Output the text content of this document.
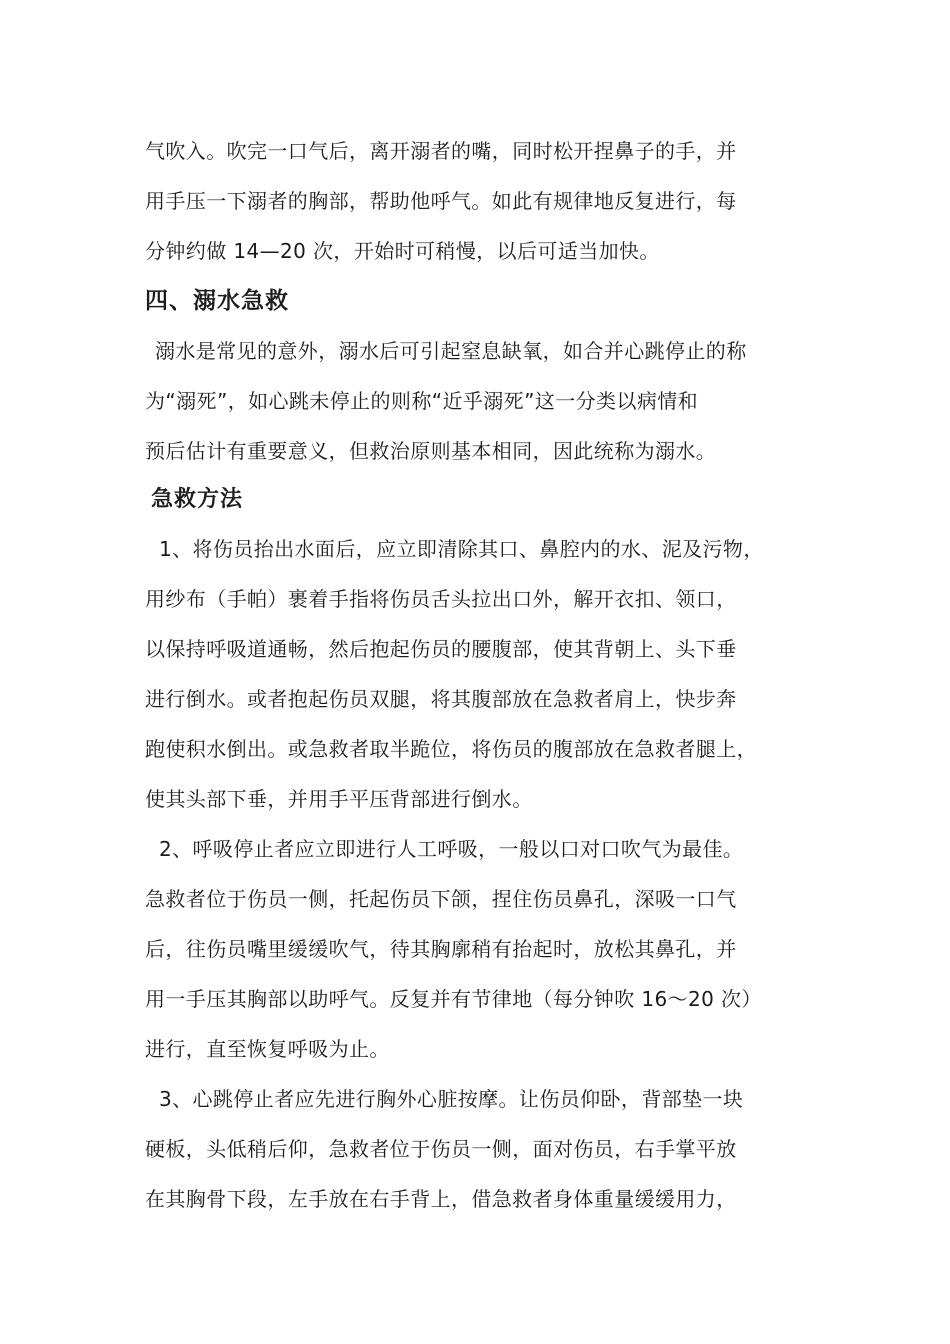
气吹入。吹完一口气后，离开溺者的嘴，同时松开捏鼻子的手，并
用手压一下溺者的胸部，帮助他呼气。如此有规律地反复进行，每
分钟约做 14—20 次，开始时可稍慢，以后可适当加快。
四、溺水急救
溺水是常见的意外，溺水后可引起窒息缺氧，如合并心跳停止的称
为“溺死”，如心跳未停止的则称“近乎溺死”这一分类以病情和
预后估计有重要意义，但救治原则基本相同，因此统称为溺水。
急救方法
1、将伤员抬出水面后，应立即清除其口、鼻腔内的水、泥及污物，
用纱布（手帕）裹着手指将伤员舌头拉出口外，解开衣扣、领口，
以保持呼吸道通畅，然后抱起伤员的腰腹部，使其背朝上、头下垂
进行倒水。或者抱起伤员双腿，将其腹部放在急救者肩上，快步奔
跑使积水倒出。或急救者取半跪位，将伤员的腹部放在急救者腿上，
使其头部下垂，并用手平压背部进行倒水。
2、呼吸停止者应立即进行人工呼吸，一般以口对口吹气为最佳。
急救者位于伤员一侧，托起伤员下颌，捏住伤员鼻孔，深吸一口气
后，往伤员嘴里缓缓吹气，待其胸廓稍有抬起时，放松其鼻孔，并
用一手压其胸部以助呼气。反复并有节律地（每分钟吹 16～20 次）
进行，直至恢复呼吸为止。
3、心跳停止者应先进行胸外心脏按摩。让伤员仰卧，背部垫一块
硬板，头低稍后仰，急救者位于伤员一侧，面对伤员，右手掌平放
在其胸骨下段，左手放在右手背上，借急救者身体重量缓缓用力，
